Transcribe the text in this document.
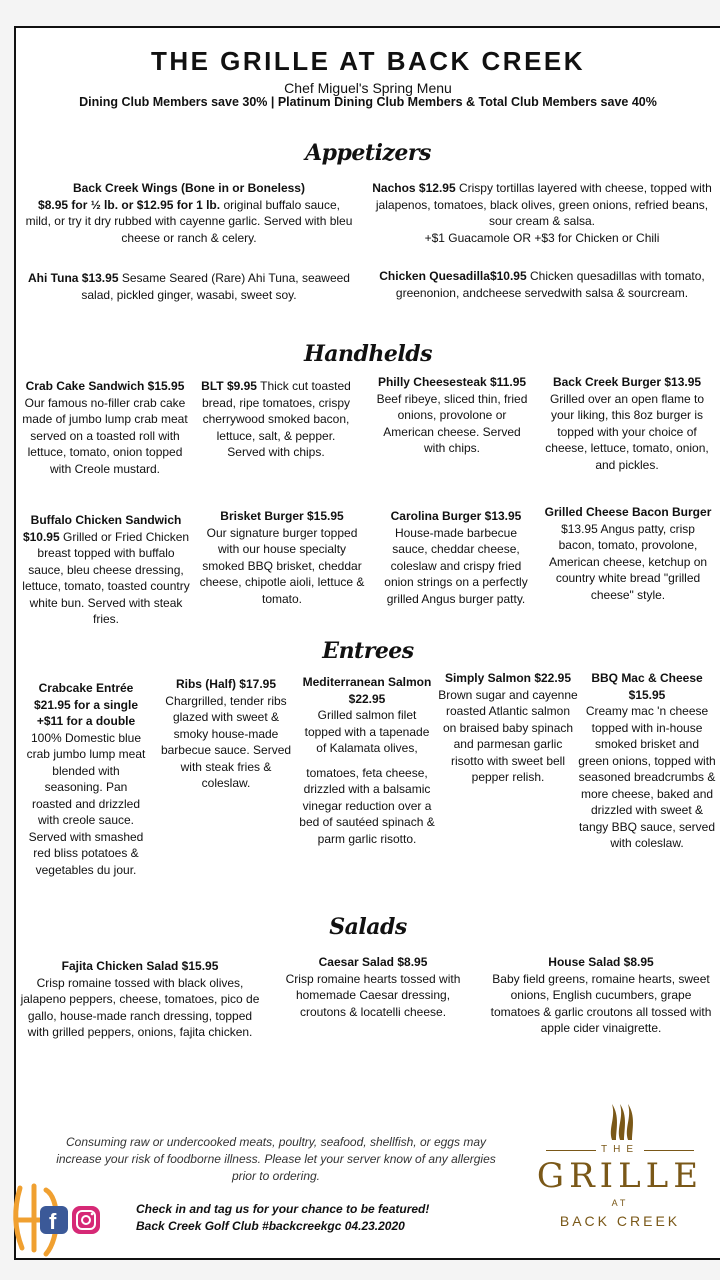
THE GRILLE AT BACK CREEK
Chef Miguel's Spring Menu
Dining Club Members save 30% | Platinum Dining Club Members & Total Club Members save 40%
Appetizers
Back Creek Wings (Bone in or Boneless)
$8.95 for ½ lb. or $12.95 for 1 lb. original buffalo sauce, mild, or try it dry rubbed with cayenne garlic. Served with bleu cheese or ranch & celery.
Nachos $12.95 Crispy tortillas layered with cheese, topped with jalapenos, tomatoes, black olives, green onions, refried beans, sour cream & salsa.
+$1 Guacamole OR +$3 for Chicken or Chili
Ahi Tuna $13.95 Sesame Seared (Rare) Ahi Tuna, seaweed salad, pickled ginger, wasabi, sweet soy.
Chicken Quesadilla$10.95 Chicken quesadillas with tomato, greenonion, andcheese servedwith salsa & sourcream.
Handhelds
Crab Cake Sandwich $15.95
Our famous no-filler crab cake made of jumbo lump crab meat served on a toasted roll with lettuce, tomato, onion topped with Creole mustard.
BLT $9.95 Thick cut toasted bread, ripe tomatoes, crispy cherrywood smoked bacon, lettuce, salt, & pepper. Served with chips.
Philly Cheesesteak $11.95
Beef ribeye, sliced thin, fried onions, provolone or American cheese. Served with chips.
Back Creek Burger $13.95
Grilled over an open flame to your liking, this 8oz burger is topped with your choice of cheese, lettuce, tomato, onion, and pickles.
Buffalo Chicken Sandwich $10.95 Grilled or Fried Chicken breast topped with buffalo sauce, bleu cheese dressing, lettuce, tomato, toasted country white bun. Served with steak fries.
Brisket Burger $15.95
Our signature burger topped with our house specialty smoked BBQ brisket, cheddar cheese, chipotle aioli, lettuce & tomato.
Carolina Burger $13.95
House-made barbecue sauce, cheddar cheese, coleslaw and crispy fried onion strings on a perfectly grilled Angus burger patty.
Grilled Cheese Bacon Burger
$13.95 Angus patty, crisp bacon, tomato, provolone, American cheese, ketchup on country white bread "grilled cheese" style.
Entrees
Crabcake Entrée $21.95 for a single +$11 for a double
100% Domestic blue crab jumbo lump meat blended with seasoning. Pan roasted and drizzled with creole sauce. Served with smashed red bliss potatoes & vegetables du jour.
Ribs (Half) $17.95
Chargrilled, tender ribs glazed with sweet & smoky house-made barbecue sauce. Served with steak fries & coleslaw.
Mediterranean Salmon $22.95
Grilled salmon filet topped with a tapenade of Kalamata olives,
tomatoes, feta cheese, drizzled with a balsamic vinegar reduction over a bed of sautéed spinach & parm garlic risotto.
Simply Salmon $22.95
Brown sugar and cayenne roasted Atlantic salmon on braised baby spinach and parmesan garlic risotto with sweet bell pepper relish.
BBQ Mac & Cheese $15.95
Creamy mac 'n cheese topped with in-house smoked brisket and green onions, topped with seasoned breadcrumbs & more cheese, baked and drizzled with sweet & tangy BBQ sauce, served with coleslaw.
Salads
Fajita Chicken Salad $15.95
Crisp romaine tossed with black olives, jalapeno peppers, cheese, tomatoes, pico de gallo, house-made ranch dressing, topped with grilled peppers, onions, fajita chicken.
Caesar Salad $8.95
Crisp romaine hearts tossed with homemade Caesar dressing, croutons & locatelli cheese.
House Salad $8.95
Baby field greens, romaine hearts, sweet onions, English cucumbers, grape tomatoes & garlic croutons all tossed with apple cider vinaigrette.
Consuming raw or undercooked meats, poultry, seafood, shellfish, or eggs may increase your risk of foodborne illness. Please let your server know of any allergies prior to ordering.
Check in and tag us for your chance to be featured!
Back Creek Golf Club #backcreekgc 04.23.2020
THE
GRILLE
AT
BACK CREEK
f
